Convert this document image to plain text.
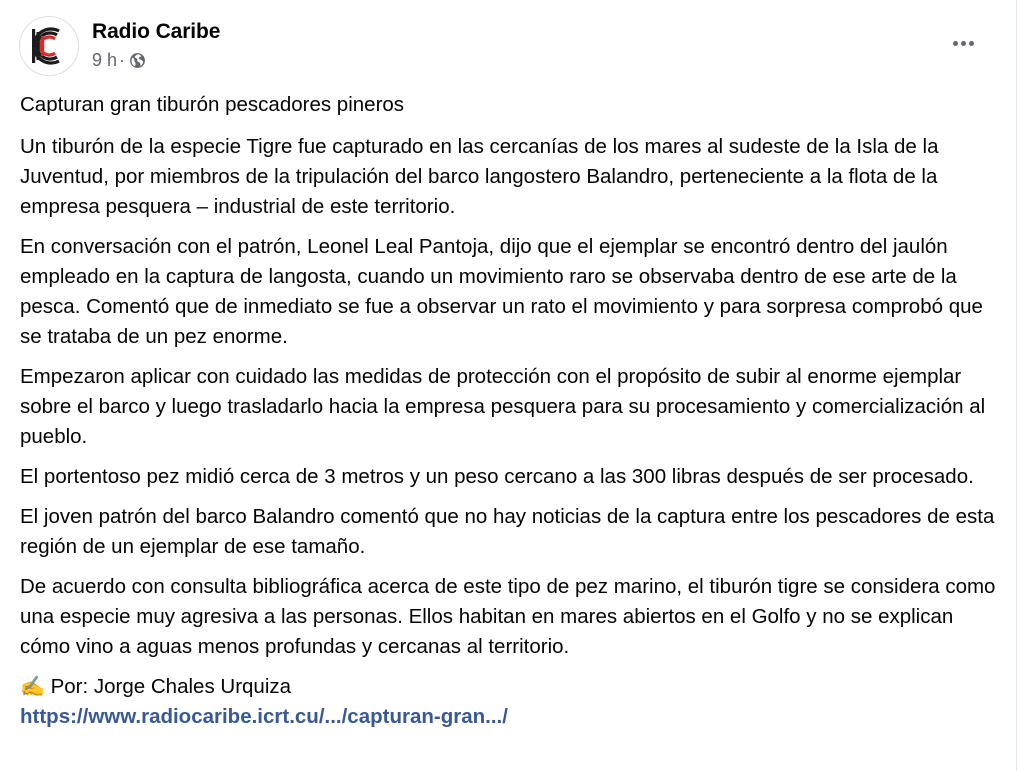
Radio Caribe
9 h ·

Capturan gran tiburón pescadores pineros

Un tiburón de la especie Tigre fue capturado en las cercanías de los mares al sudeste de la Isla de la Juventud, por miembros de la tripulación del barco langostero Balandro, perteneciente a la flota de la empresa pesquera – industrial de este territorio.

En conversación con el patrón, Leonel Leal Pantoja, dijo que el ejemplar se encontró dentro del jaulón empleado en la captura de langosta, cuando un movimiento raro se observaba dentro de ese arte de la pesca. Comentó que de inmediato se fue a observar un rato el movimiento y para sorpresa comprobó que se trataba de un pez enorme.

Empezaron aplicar con cuidado las medidas de protección con el propósito de subir al enorme ejemplar sobre el barco y luego trasladarlo hacia la empresa pesquera para su procesamiento y comercialización al pueblo.

El portentoso pez midió cerca de 3 metros y un peso cercano a las 300 libras después de ser procesado.

El joven patrón del barco Balandro comentó que no hay noticias de la captura entre los pescadores de esta región de un ejemplar de ese tamaño.

De acuerdo con consulta bibliográfica acerca de este tipo de pez marino, el tiburón tigre se considera como una especie muy agresiva a las personas. Ellos habitan en mares abiertos en el Golfo y no se explican cómo vino a aguas menos profundas y cercanas al territorio.

✍️ Por: Jorge Chales Urquiza
https://www.radiocaribe.icrt.cu/.../capturan-gran.../
